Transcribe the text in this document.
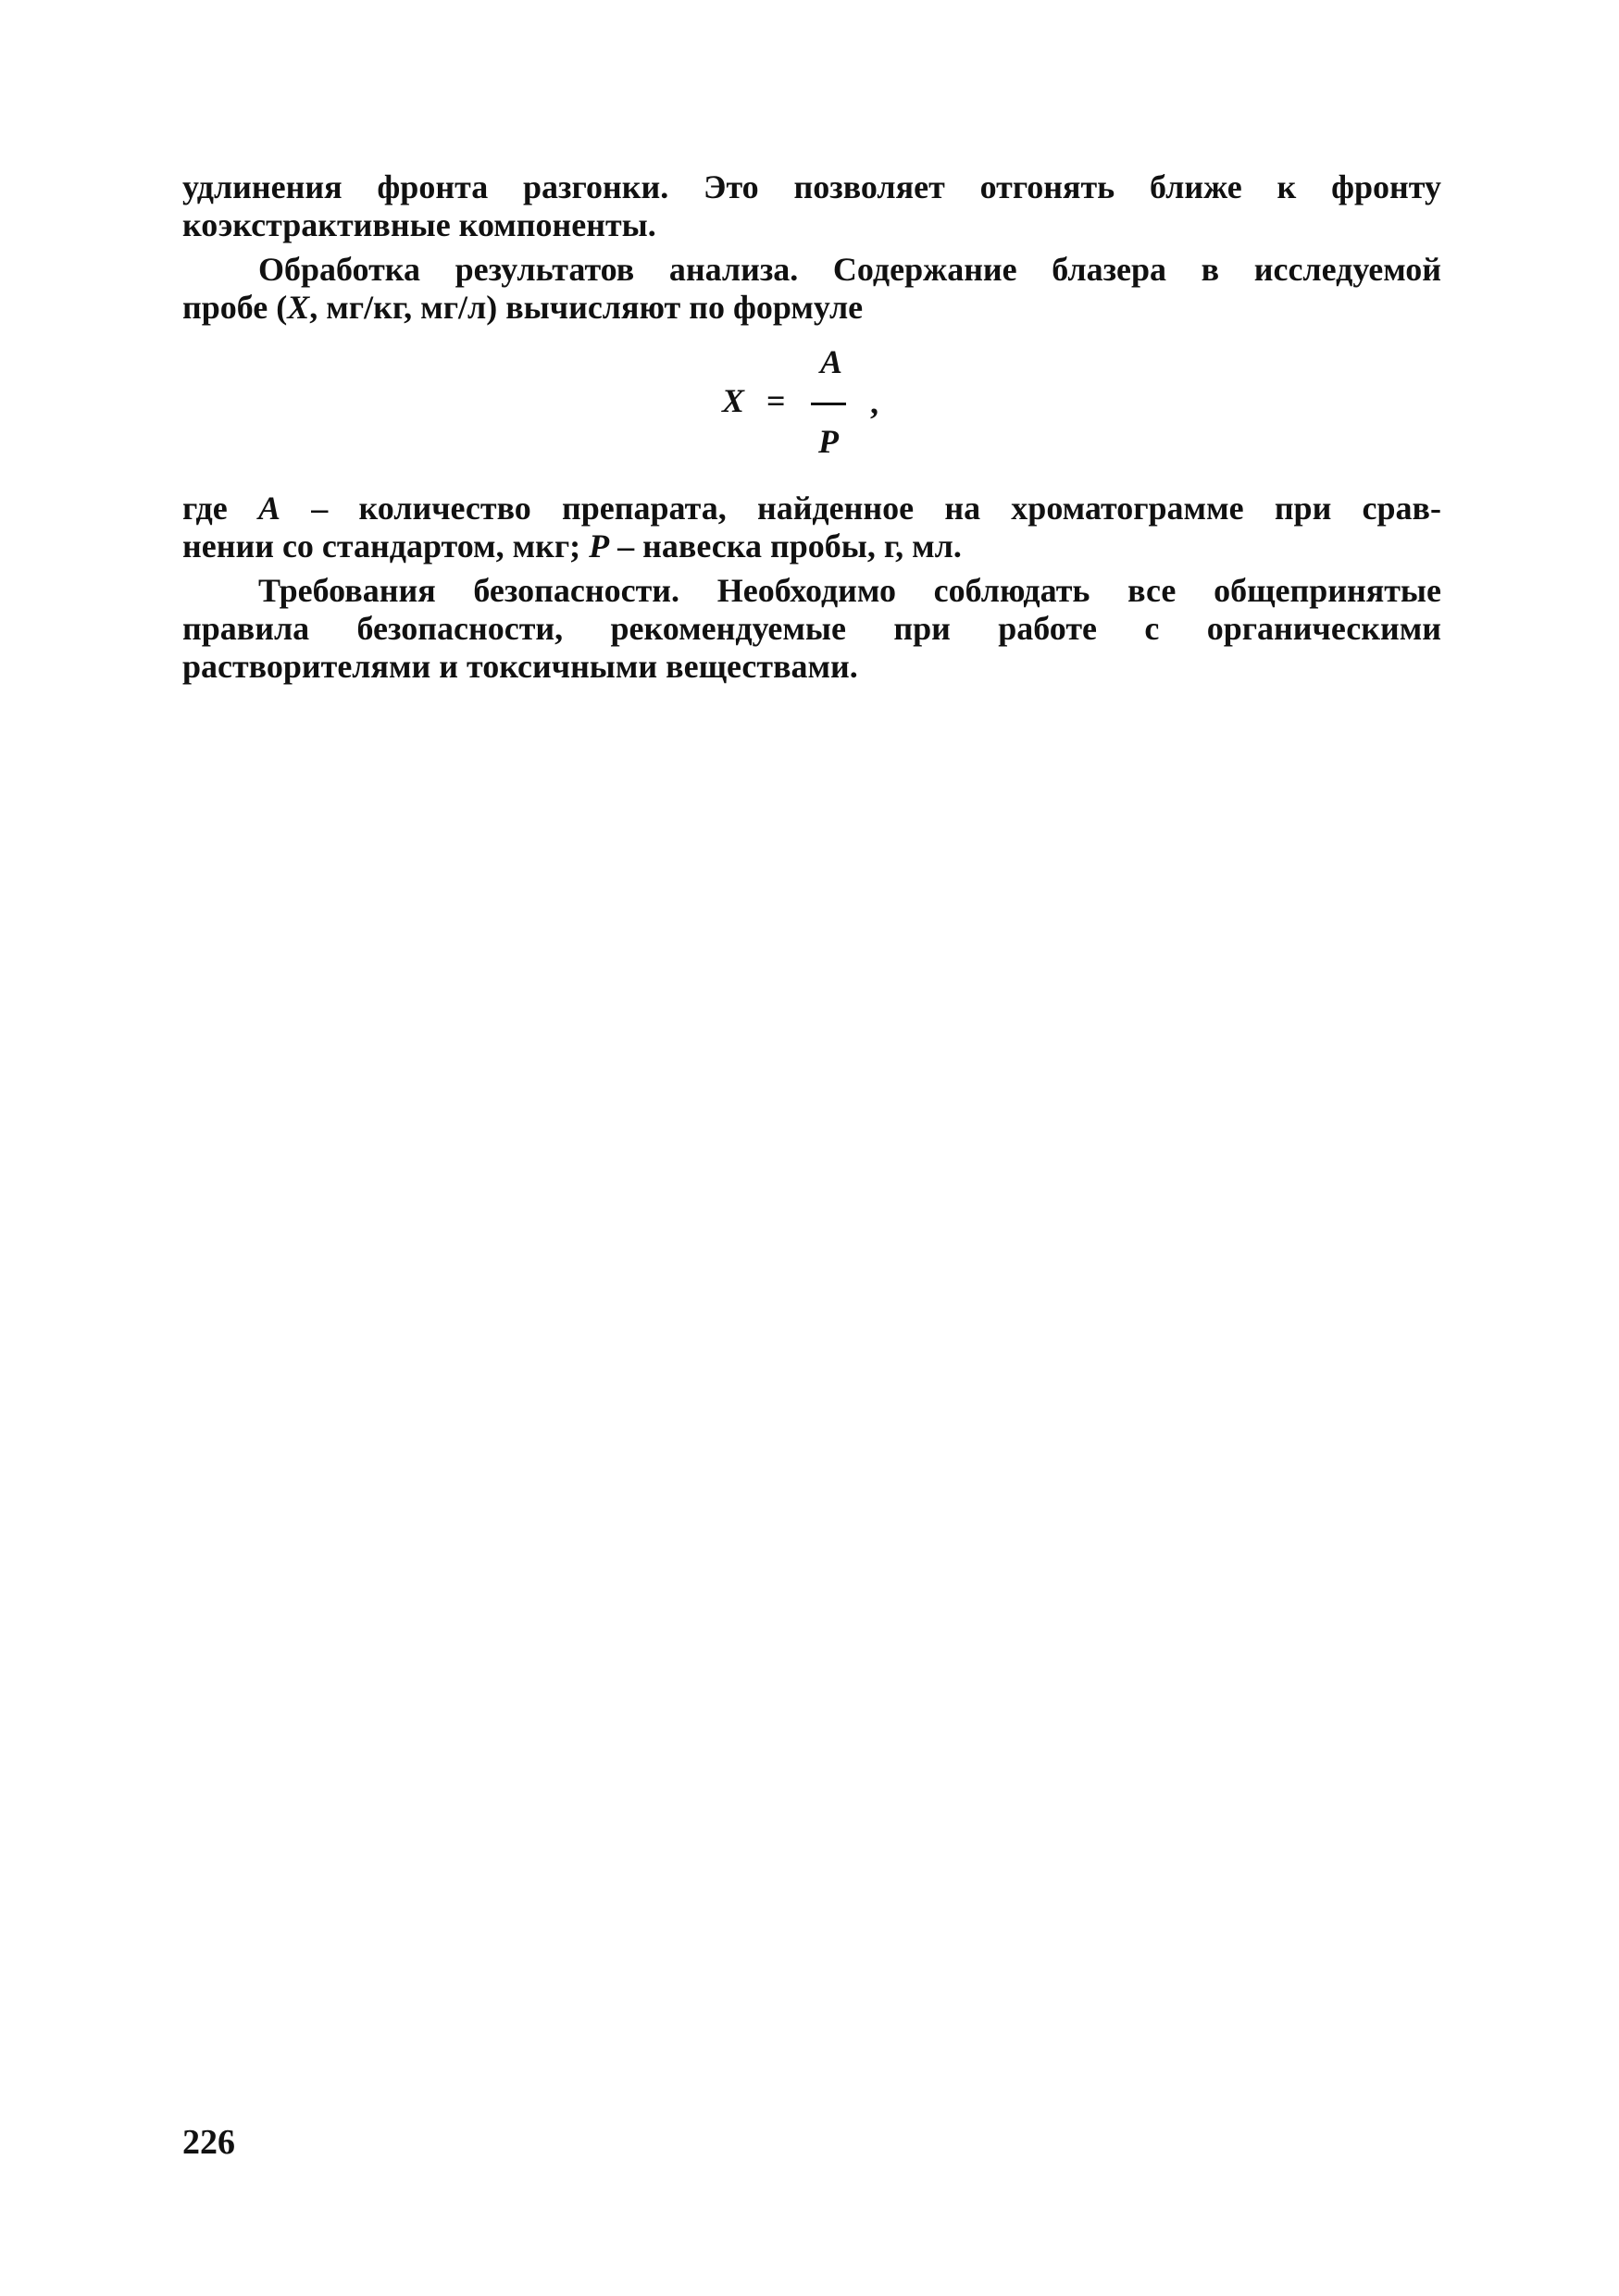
удлинения фронта разгонки. Это позволяет отгонять ближе к фронту
коэкстрактивные компоненты.

Обработка результатов анализа. Содержание блазера в исследуемой
пробе (X, мг/кг, мг/л) вычисляют по формуле

где A – количество препарата, найденное на хроматограмме при срав-
нении со стандартом, мкг; P – навеска пробы, г, мл.

Требования безопасности. Необходимо соблюдать все общепринятые
правила безопасности, рекомендуемые при работе с органическими
растворителями и токсичными веществами.

X =
A
P
,
226
